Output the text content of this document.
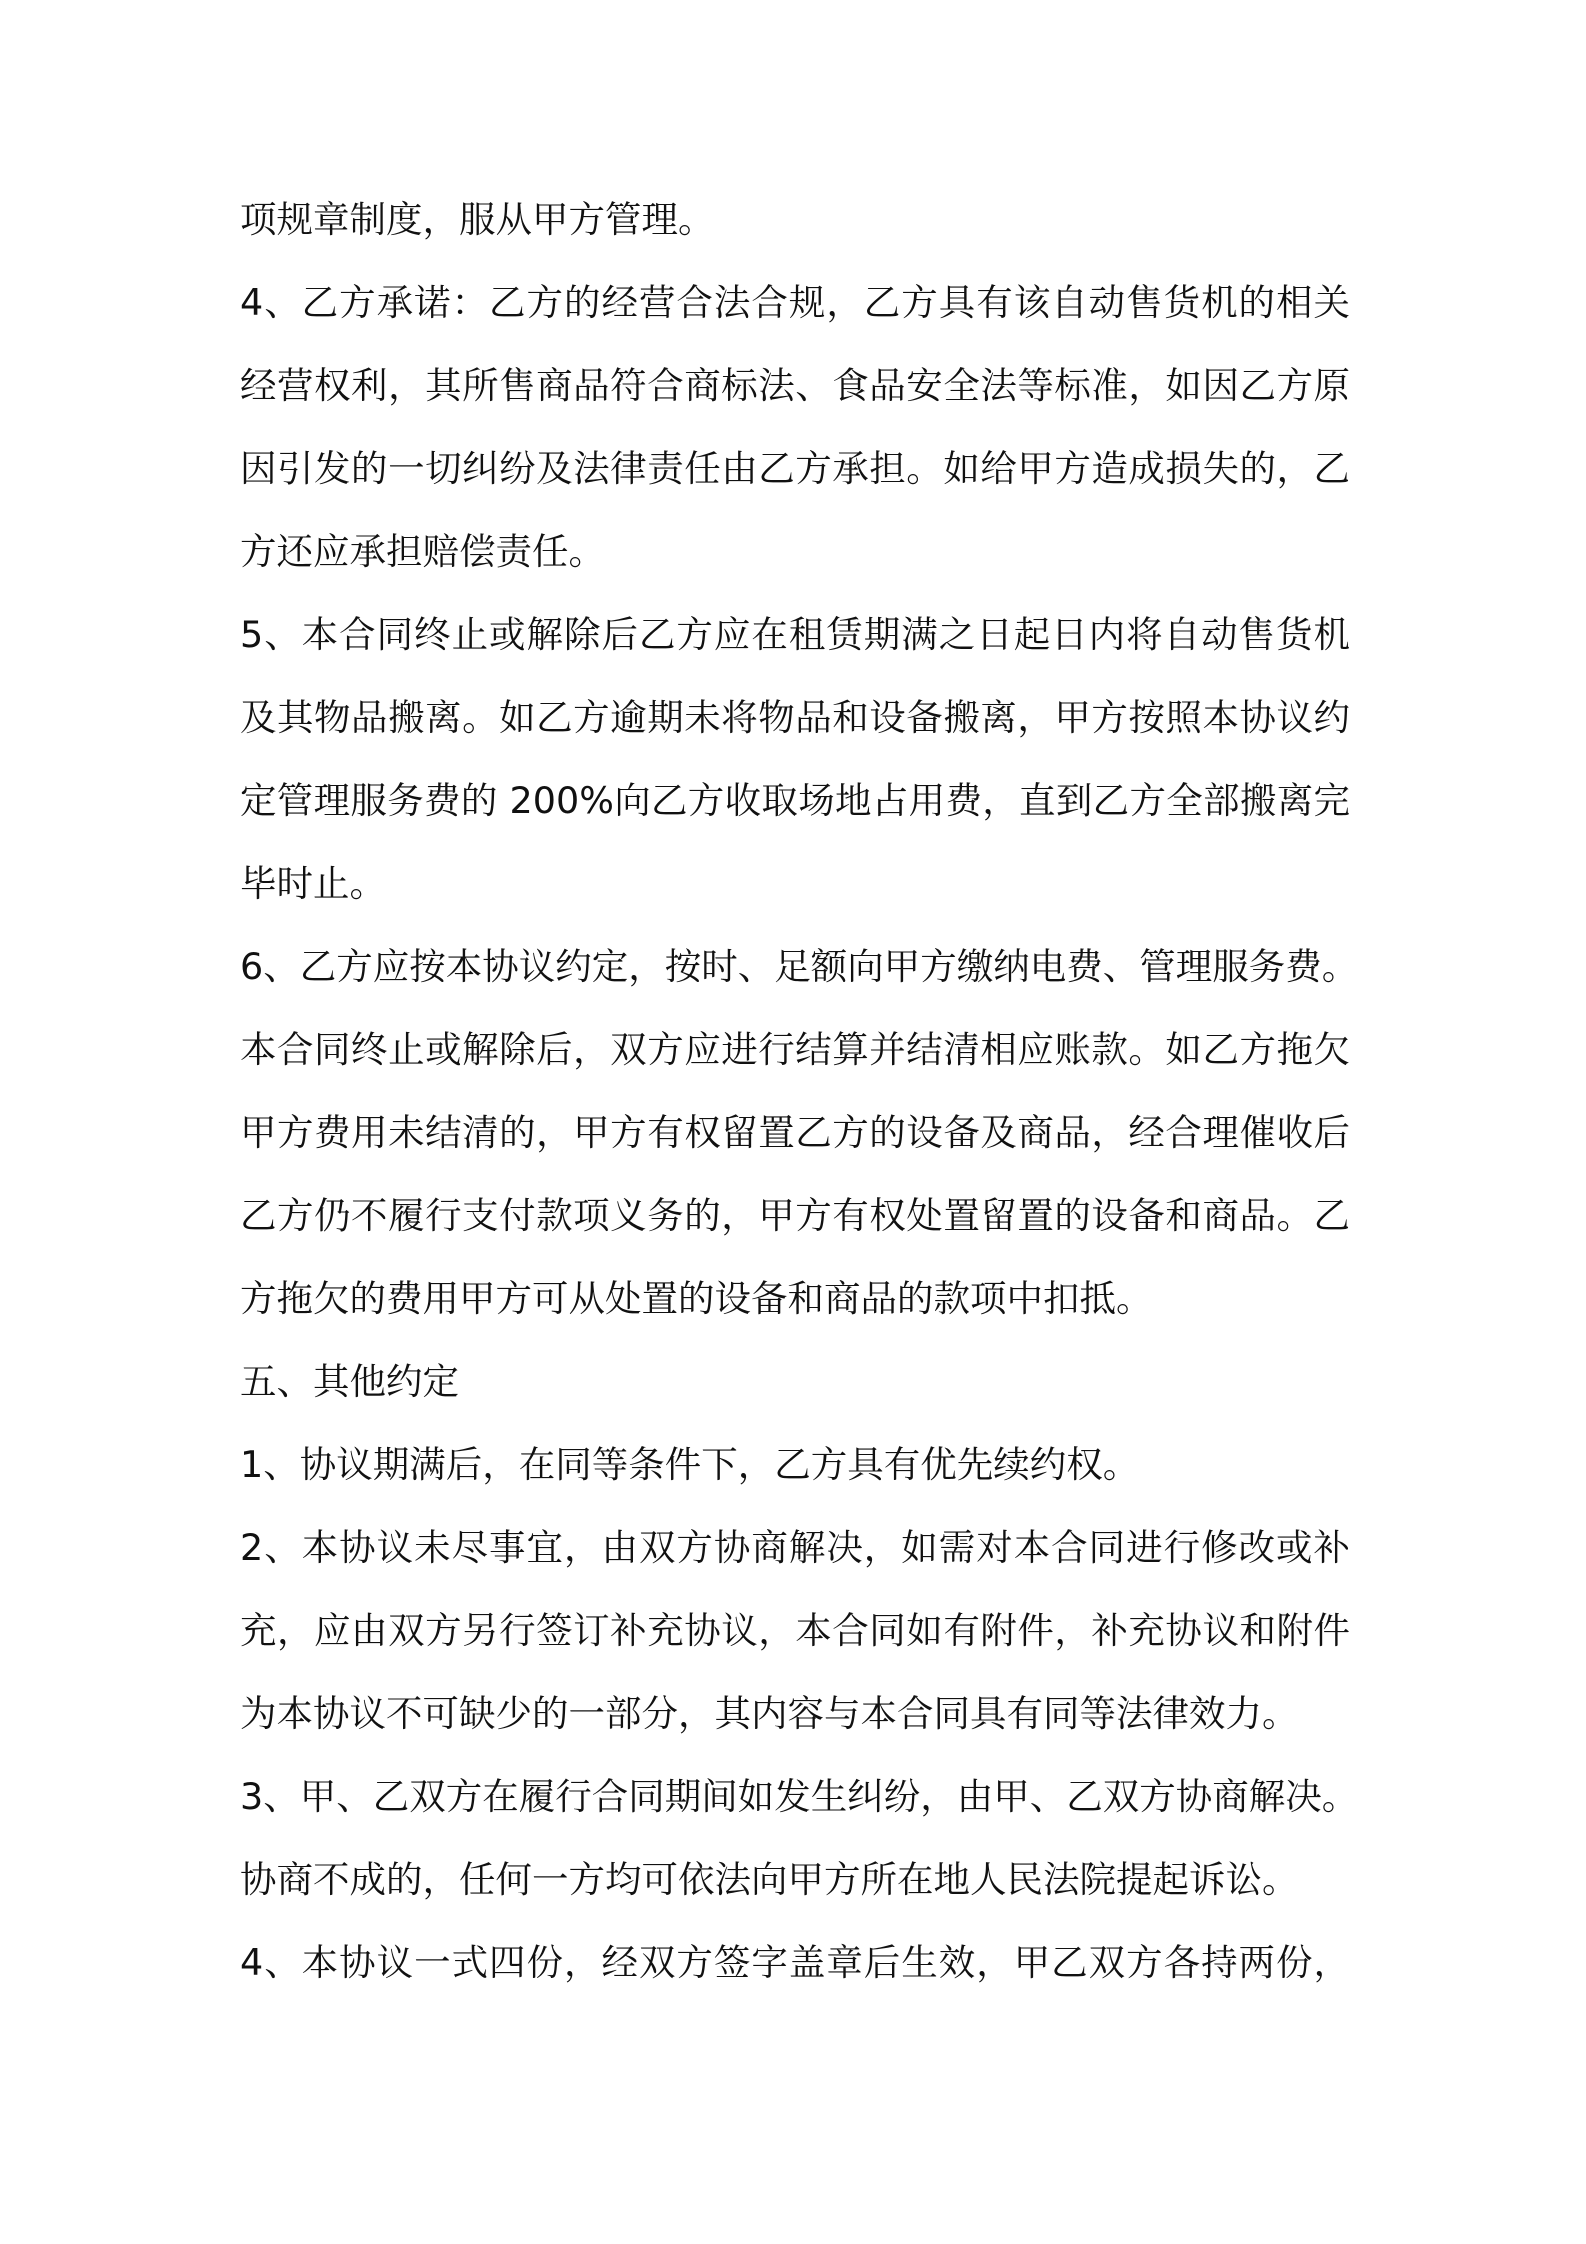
项规章制度，服从甲方管理。
4、乙方承诺：乙方的经营合法合规，乙方具有该自动售货机的相关
经营权利，其所售商品符合商标法、食品安全法等标准，如因乙方原
因引发的一切纠纷及法律责任由乙方承担。如给甲方造成损失的，乙
方还应承担赔偿责任。
5、本合同终止或解除后乙方应在租赁期满之日起日内将自动售货机
及其物品搬离。如乙方逾期未将物品和设备搬离，甲方按照本协议约
定管理服务费的 200%向乙方收取场地占用费，直到乙方全部搬离完
毕时止。
6、乙方应按本协议约定，按时、足额向甲方缴纳电费、管理服务费。
本合同终止或解除后，双方应进行结算并结清相应账款。如乙方拖欠
甲方费用未结清的，甲方有权留置乙方的设备及商品，经合理催收后
乙方仍不履行支付款项义务的，甲方有权处置留置的设备和商品。乙
方拖欠的费用甲方可从处置的设备和商品的款项中扣抵。
五、其他约定
1、协议期满后，在同等条件下，乙方具有优先续约权。
2、本协议未尽事宜，由双方协商解决，如需对本合同进行修改或补
充，应由双方另行签订补充协议，本合同如有附件，补充协议和附件
为本协议不可缺少的一部分，其内容与本合同具有同等法律效力。
3、甲、乙双方在履行合同期间如发生纠纷，由甲、乙双方协商解决。
协商不成的，任何一方均可依法向甲方所在地人民法院提起诉讼。
4、本协议一式四份，经双方签字盖章后生效，甲乙双方各持两份，
